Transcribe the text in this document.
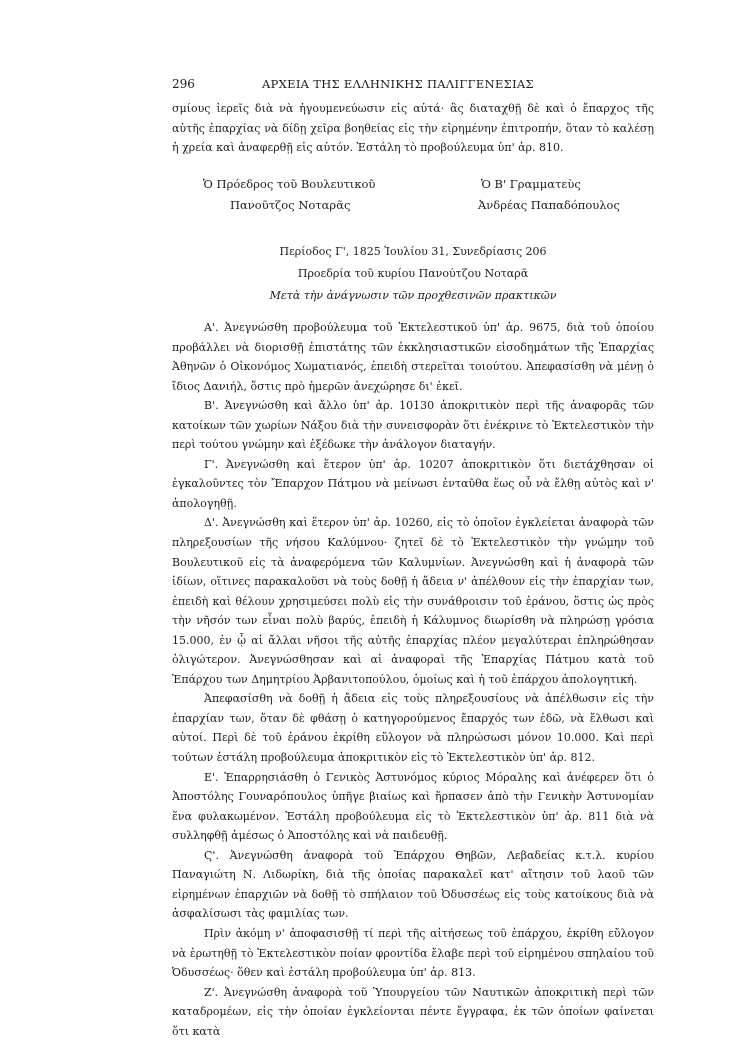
296	ΑΡΧΕΙΑ ΤΗΣ ΕΛΛΗΝΙΚΗΣ ΠΑΛΙΓΓΕΝΕΣΙΑΣ

σμίους ἱερεῖς διὰ νὰ ἡγουμενεύωσιν εἰς αὐτά· ἂς διαταχθῇ δὲ καὶ ὁ ἔπαρχος τῆς αὐτῆς ἐπαρχίας νὰ δίδῃ χεῖρα βοηθείας εἰς τὴν εἰρημένην ἐπιτροπήν, ὅταν τὸ καλέσῃ ἡ χρεία καὶ ἀναφερθῇ εἰς αὐτόν. Ἐστάλη τὸ προβούλευμα ὑπ' ἀρ. 810.

Ὁ Πρόεδρος τοῦ Βουλευτικοῦ
Πανοῦτζος Νοταρᾶς
Ὁ Β' Γραμματεὺς
Ἀνδρέας Παπαδόπουλος
Περίοδος Γ', 1825 Ἰουλίου 31, Συνεδρίασις 206
Προεδρία τοῦ κυρίου Πανούτζου Νοταρᾶ
Μετὰ τὴν ἀνάγνωσιν τῶν προχθεσινῶν πρακτικῶν

Α'. Ἀνεγνώσθη προβούλευμα τοῦ Ἐκτελεστικοῦ ὑπ' ἀρ. 9675, διὰ τοῦ ὁποίου προβάλλει νὰ διορισθῇ ἐπιστάτης τῶν ἐκκλησιαστικῶν εἰσοδημάτων τῆς Ἐπαρχίας Ἀθηνῶν ὁ Οἰκονόμος Χωματιανός, ἐπειδὴ στερεῖται τοιούτου. Ἀπεφασίσθη νὰ μένῃ ὁ ἴδιος Δανιήλ, ὅστις πρὸ ἡμερῶν ἀνεχώρησε δι' ἐκεῖ.

Β'. Ἀνεγνώσθη καὶ ἄλλο ὑπ' ἀρ. 10130 ἀποκριτικὸν περὶ τῆς ἀναφορᾶς τῶν κατοίκων τῶν χωρίων Νάξου διὰ τὴν συνεισφορὰν ὅτι ἐνέκρινε τὸ Ἐκτελεστικὸν τὴν περὶ τούτου γνώμην καὶ ἐξέδωκε τὴν ἀνάλογον διαταγήν.

Γ'. Ἀνεγνώσθη καὶ ἕτερον ὑπ' ἀρ. 10207 ἀποκριτικὸν ὅτι διετάχθησαν οἱ ἐγκαλοῦντες τὸν Ἔπαρχον Πάτμου νὰ μείνωσι ἐνταῦθα ἕως οὗ νὰ ἔλθῃ αὐτὸς καὶ ν' ἀπολογηθῇ.

Δ'. Ἀνεγνώσθη καὶ ἕτερον ὑπ' ἀρ. 10260, εἰς τὸ ὁποῖον ἐγκλείεται ἀναφορὰ τῶν πληρεξουσίων τῆς νήσου Καλύμνου· ζητεῖ δὲ τὸ Ἐκτελεστικὸν τὴν γνώμην τοῦ Βουλευτικοῦ εἰς τὰ ἀναφερόμενα τῶν Καλυμνίων. Ἀνεγνώσθη καὶ ἡ ἀναφορὰ τῶν ἰδίων, οἵτινες παρακαλοῦσι νὰ τοὺς δοθῇ ἡ ἄδεια ν' ἀπέλθουν εἰς τὴν ἐπαρχίαν των, ἐπειδὴ καὶ θέλουν χρησιμεύσει πολὺ εἰς τὴν συνάθροισιν τοῦ ἐράνου, ὅστις ὡς πρὸς τὴν νῆσόν των εἶναι πολὺ βαρύς, ἐπειδὴ ἡ Κάλυμνος διωρίσθη νὰ πληρώσῃ γρόσια 15.000, ἐν ᾧ αἱ ἄλλαι νῆσοι τῆς αὐτῆς ἐπαρχίας πλέον μεγαλύτεραι ἐπληρώθησαν ὀλιγώτερον. Ἀνεγνώσθησαν καὶ αἱ ἀναφοραὶ τῆς Ἐπαρχίας Πάτμου κατὰ τοῦ Ἐπάρχου των Δημητρίου Ἀρβανιτοπούλου, ὁμοίως καὶ ἡ τοῦ ἐπάρχου ἀπολογητική.

Ἀπεφασίσθη νὰ δοθῇ ἡ ἄδεια εἰς τοὺς πληρεξουσίους νὰ ἀπέλθωσιν εἰς τὴν ἐπαρχίαν των, ὅταν δὲ φθάσῃ ὁ κατηγορούμενος ἔπαρχός των ἐδῶ, νὰ ἔλθωσι καὶ αὐτοί. Περὶ δὲ τοῦ ἐράνου ἐκρίθη εὔλογον νὰ πληρώσωσι μόνον 10.000. Καὶ περὶ τούτων ἐστάλη προβούλευμα ἀποκριτικὸν εἰς τὸ Ἐκτελεστικὸν ὑπ' ἀρ. 812.

Ε'. Ἐπαρρησιάσθη ὁ Γενικὸς Ἀστυνόμος κύριος Μόραλης καὶ ἀνέφερεν ὅτι ὁ Ἀποστόλης Γουναρόπουλος ὑπῆγε βιαίως καὶ ἥρπασεν ἀπὸ τὴν Γενικὴν Ἀστυνομίαν ἕνα φυλακωμένον. Ἐστάλη προβούλευμα εἰς τὸ Ἐκτελεστικὸν ὑπ' ἀρ. 811 διὰ νὰ συλληφθῇ ἀμέσως ὁ Ἀποστόλης καὶ νὰ παιδευθῇ.

Ϛ'. Ἀνεγνώσθη ἀναφορὰ τοῦ Ἐπάρχου Θηβῶν, Λεβαδείας κ.τ.λ. κυρίου Παναγιώτη Ν. Λιδωρίκη, διὰ τῆς ὁποίας παρακαλεῖ κατ' αἴτησιν τοῦ λαοῦ τῶν εἰρημένων ἐπαρχιῶν νὰ δοθῇ τὸ σπήλαιον τοῦ Ὀδυσσέως εἰς τοὺς κατοίκους διὰ νὰ ἀσφαλίσωσι τὰς φαμιλίας των.

Πρὶν ἀκόμη ν' ἀποφασισθῇ τί περὶ τῆς αἰτήσεως τοῦ ἐπάρχου, ἐκρίθη εὔλογον νὰ ἐρωτηθῇ τὸ Ἐκτελεστικὸν ποίαν φροντίδα ἔλαβε περὶ τοῦ εἰρημένου σπηλαίου τοῦ Ὀδυσσέως· ὅθεν καὶ ἐστάλη προβούλευμα ὑπ' ἀρ. 813.

Ζ'. Ἀνεγνώσθη ἀναφορὰ τοῦ Ὑπουργείου τῶν Ναυτικῶν ἀποκριτικὴ περὶ τῶν καταδρομέων, εἰς τὴν ὁποίαν ἐγκλείονται πέντε ἔγγραφα, ἐκ τῶν ὁποίων φαίνεται ὅτι κατὰ
